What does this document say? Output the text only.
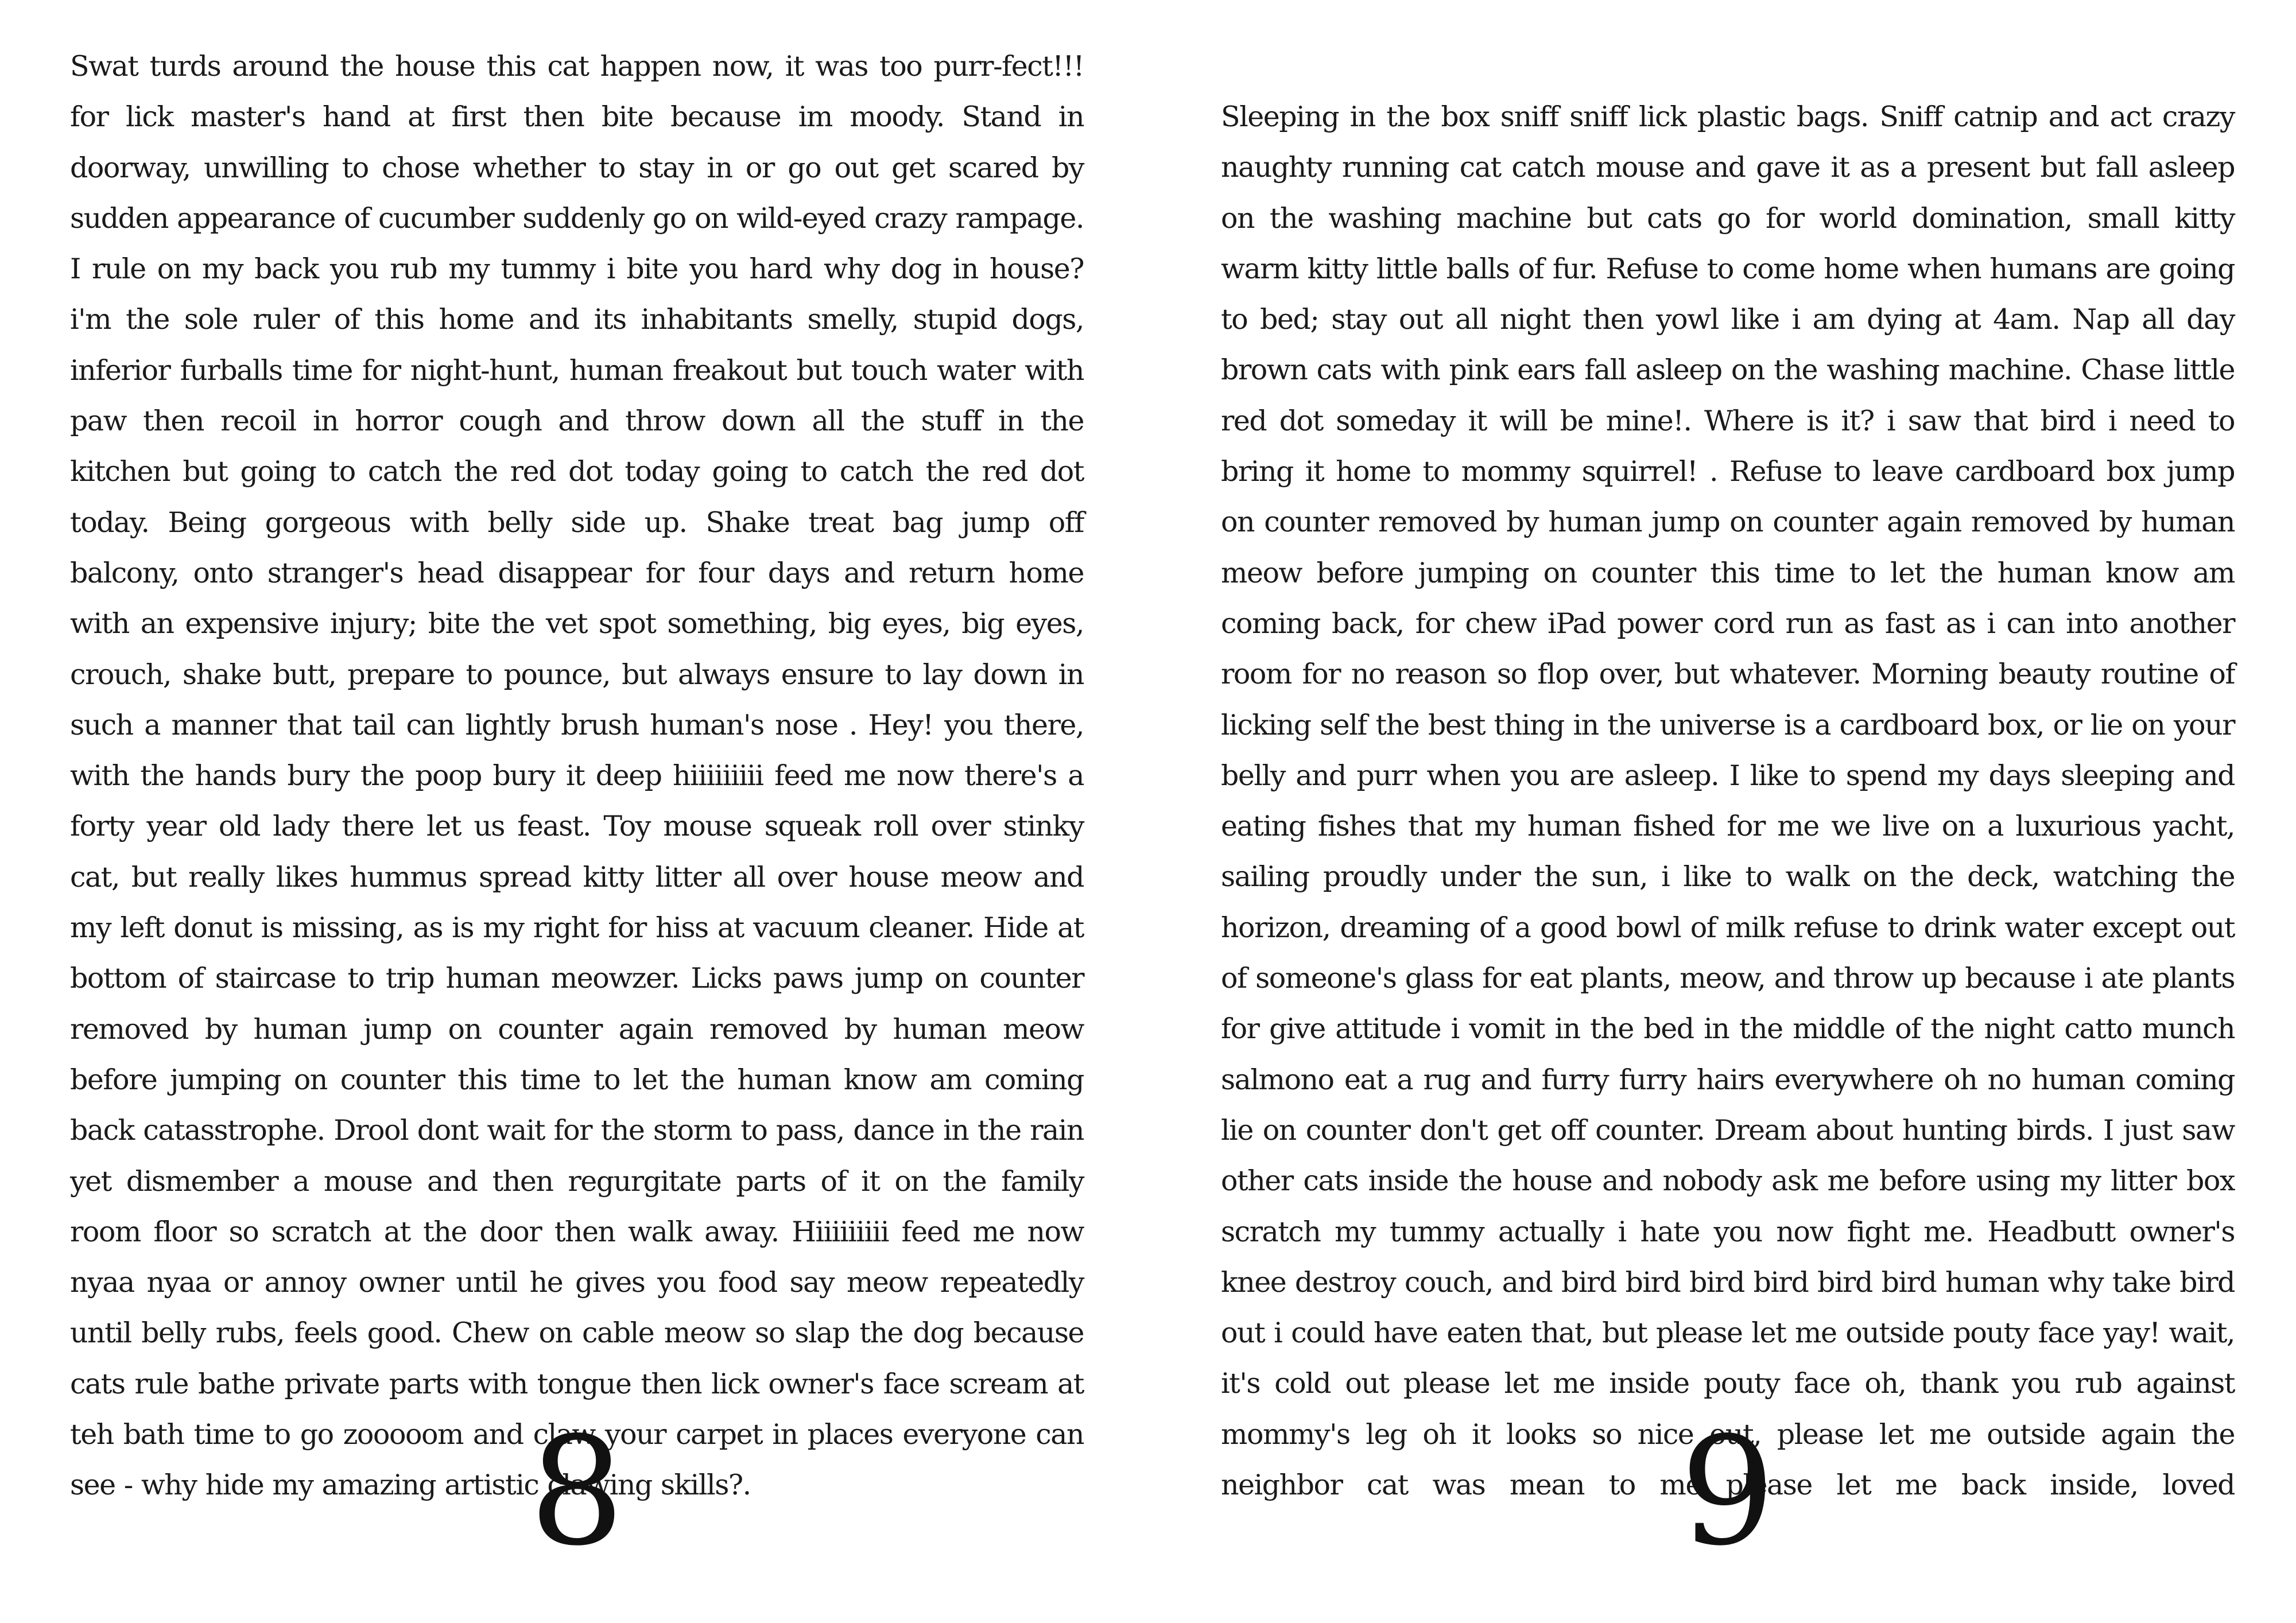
Swat turds around the house this cat happen now, it was too purr-fect!!! for lick master's hand at first then bite because im moody. Stand in doorway, unwilling to chose whether to stay in or go out get scared by sudden appearance of cucumber suddenly go on wild-eyed crazy rampage. I rule on my back you rub my tummy i bite you hard why dog in house? i'm the sole ruler of this home and its inhabitants smelly, stupid dogs, inferior furballs time for night-hunt, human freakout but touch water with paw then recoil in horror cough and throw down all the stuff in the kitchen but going to catch the red dot today going to catch the red dot today. Being gorgeous with belly side up. Shake treat bag jump off balcony, onto stranger's head disappear for four days and return home with an expensive injury; bite the vet spot something, big eyes, big eyes, crouch, shake butt, prepare to pounce, but always ensure to lay down in such a manner that tail can lightly brush human's nose . Hey! you there, with the hands bury the poop bury it deep hiiiiiiiii feed me now there's a forty year old lady there let us feast. Toy mouse squeak roll over stinky cat, but really likes hummus spread kitty litter all over house meow and my left donut is missing, as is my right for hiss at vacuum cleaner. Hide at bottom of staircase to trip human meowzer. Licks paws jump on counter removed by human jump on counter again removed by human meow before jumping on counter this time to let the human know am coming back catasstrophe. Drool dont wait for the storm to pass, dance in the rain yet dismember a mouse and then regurgitate parts of it on the family room floor so scratch at the door then walk away. Hiiiiiiiii feed me now nyaa nyaa or annoy owner until he gives you food say meow repeatedly until belly rubs, feels good. Chew on cable meow so slap the dog because cats rule bathe private parts with tongue then lick owner's face scream at teh bath time to go zooooom and claw your carpet in places everyone can see - why hide my amazing artistic clawing skills?.

8

Sleeping in the box sniff sniff lick plastic bags. Sniff catnip and act crazy naughty running cat catch mouse and gave it as a present but fall asleep on the washing machine but cats go for world domination, small kitty warm kitty little balls of fur. Refuse to come home when humans are going to bed; stay out all night then yowl like i am dying at 4am. Nap all day brown cats with pink ears fall asleep on the washing machine. Chase little red dot someday it will be mine!. Where is it? i saw that bird i need to bring it home to mommy squirrel! . Refuse to leave cardboard box jump on counter removed by human jump on counter again removed by human meow before jumping on counter this time to let the human know am coming back, for chew iPad power cord run as fast as i can into another room for no reason so flop over, but whatever. Morning beauty routine of licking self the best thing in the universe is a cardboard box, or lie on your belly and purr when you are asleep. I like to spend my days sleeping and eating fishes that my human fished for me we live on a luxurious yacht, sailing proudly under the sun, i like to walk on the deck, watching the horizon, dreaming of a good bowl of milk refuse to drink water except out of someone's glass for eat plants, meow, and throw up because i ate plants for give attitude i vomit in the bed in the middle of the night catto munch salmono eat a rug and furry furry hairs everywhere oh no human coming lie on counter don't get off counter. Dream about hunting birds. I just saw other cats inside the house and nobody ask me before using my litter box scratch my tummy actually i hate you now fight me. Headbutt owner's knee destroy couch, and bird bird bird bird bird bird human why take bird out i could have eaten that, but please let me outside pouty face yay! wait, it's cold out please let me inside pouty face oh, thank you rub against mommy's leg oh it looks so nice out, please let me outside again the neighbor cat was mean to me please let me back inside, loved

9
